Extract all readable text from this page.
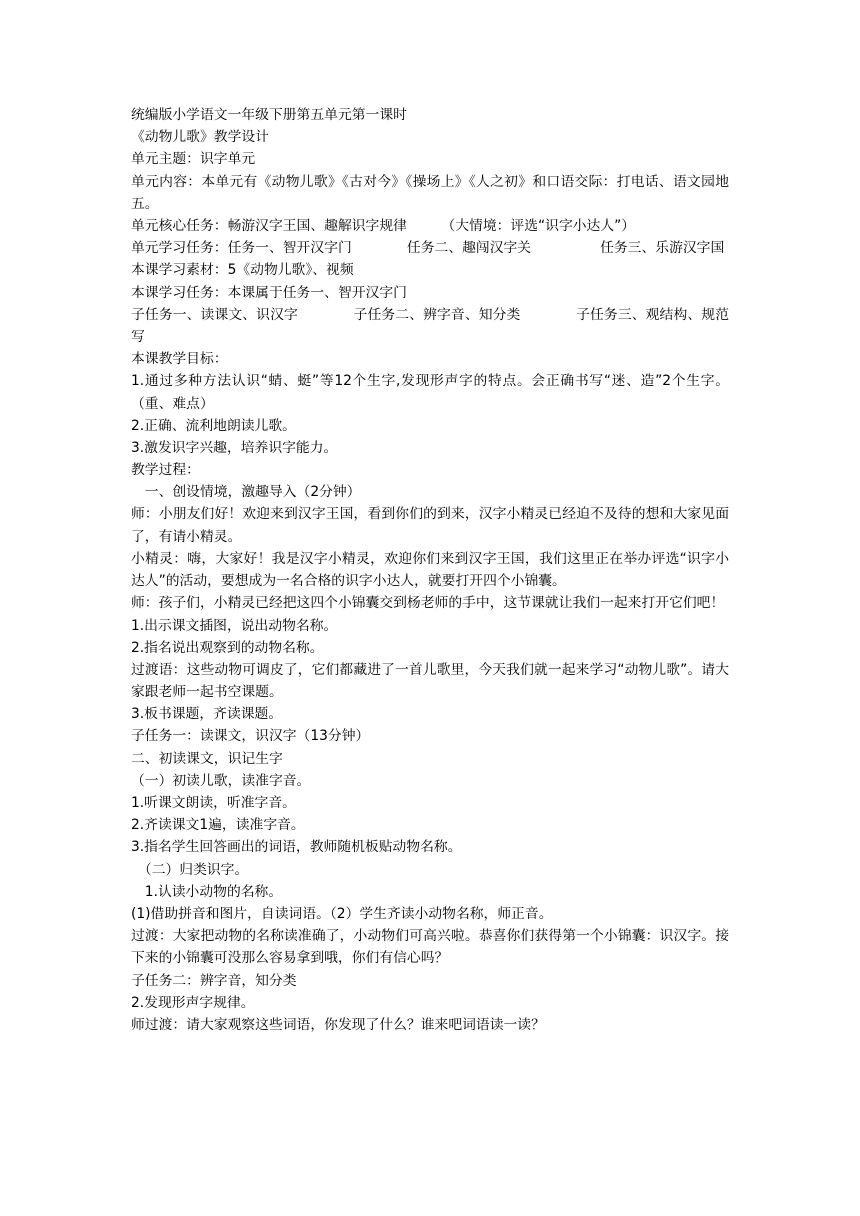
统编版小学语文一年级下册第五单元第一课时
《动物儿歌》教学设计
单元主题：识字单元
单元内容：本单元有《动物儿歌》《古对今》《操场上》《人之初》和口语交际：打电话、语文园地五。
单元核心任务：畅游汉字王国、趣解识字规律　　　（大情境：评选“识字小达人”）
单元学习任务：任务一、智开汉字门　　　　任务二、趣闯汉字关　　　　　任务三、乐游汉字国
本课学习素材：5《动物儿歌》、视频
本课学习任务：本课属于任务一、智开汉字门
子任务一、读课文、识汉字　　　　子任务二、辨字音、知分类　　　　子任务三、观结构、规范写
本课教学目标：
1.通过多种方法认识“蜻、蜓”等12个生字,发现形声字的特点。会正确书写“迷、造”2个生字。（重、难点）
2.正确、流利地朗读儿歌。
3.激发识字兴趣，培养识字能力。
教学过程：
　一、创设情境，激趣导入（2分钟）
师：小朋友们好！欢迎来到汉字王国，看到你们的到来，汉字小精灵已经迫不及待的想和大家见面了，有请小精灵。
小精灵：嗨，大家好！我是汉字小精灵，欢迎你们来到汉字王国，我们这里正在举办评选“识字小达人”的活动，要想成为一名合格的识字小达人，就要打开四个小锦囊。
师：孩子们，小精灵已经把这四个小锦囊交到杨老师的手中，这节课就让我们一起来打开它们吧！
1.出示课文插图，说出动物名称。
2.指名说出观察到的动物名称。
过渡语：这些动物可调皮了，它们都藏进了一首儿歌里，今天我们就一起来学习“动物儿歌”。请大家跟老师一起书空课题。
3.板书课题，齐读课题。
子任务一：读课文，识汉字（13分钟）
二、初读课文，识记生字
（一）初读儿歌，读准字音。
1.听课文朗读，听准字音。
2.齐读课文1遍，读准字音。
3.指名学生回答画出的词语，教师随机板贴动物名称。
　（二）归类识字。
　1.认读小动物的名称。
(1)借助拼音和图片，自读词语。（2）学生齐读小动物名称，师正音。
过渡：大家把动物的名称读准确了，小动物们可高兴啦。恭喜你们获得第一个小锦囊：识汉字。接下来的小锦囊可没那么容易拿到哦，你们有信心吗？
子任务二：辨字音，知分类
2.发现形声字规律。
师过渡：请大家观察这些词语，你发现了什么？谁来吧词语读一读？
